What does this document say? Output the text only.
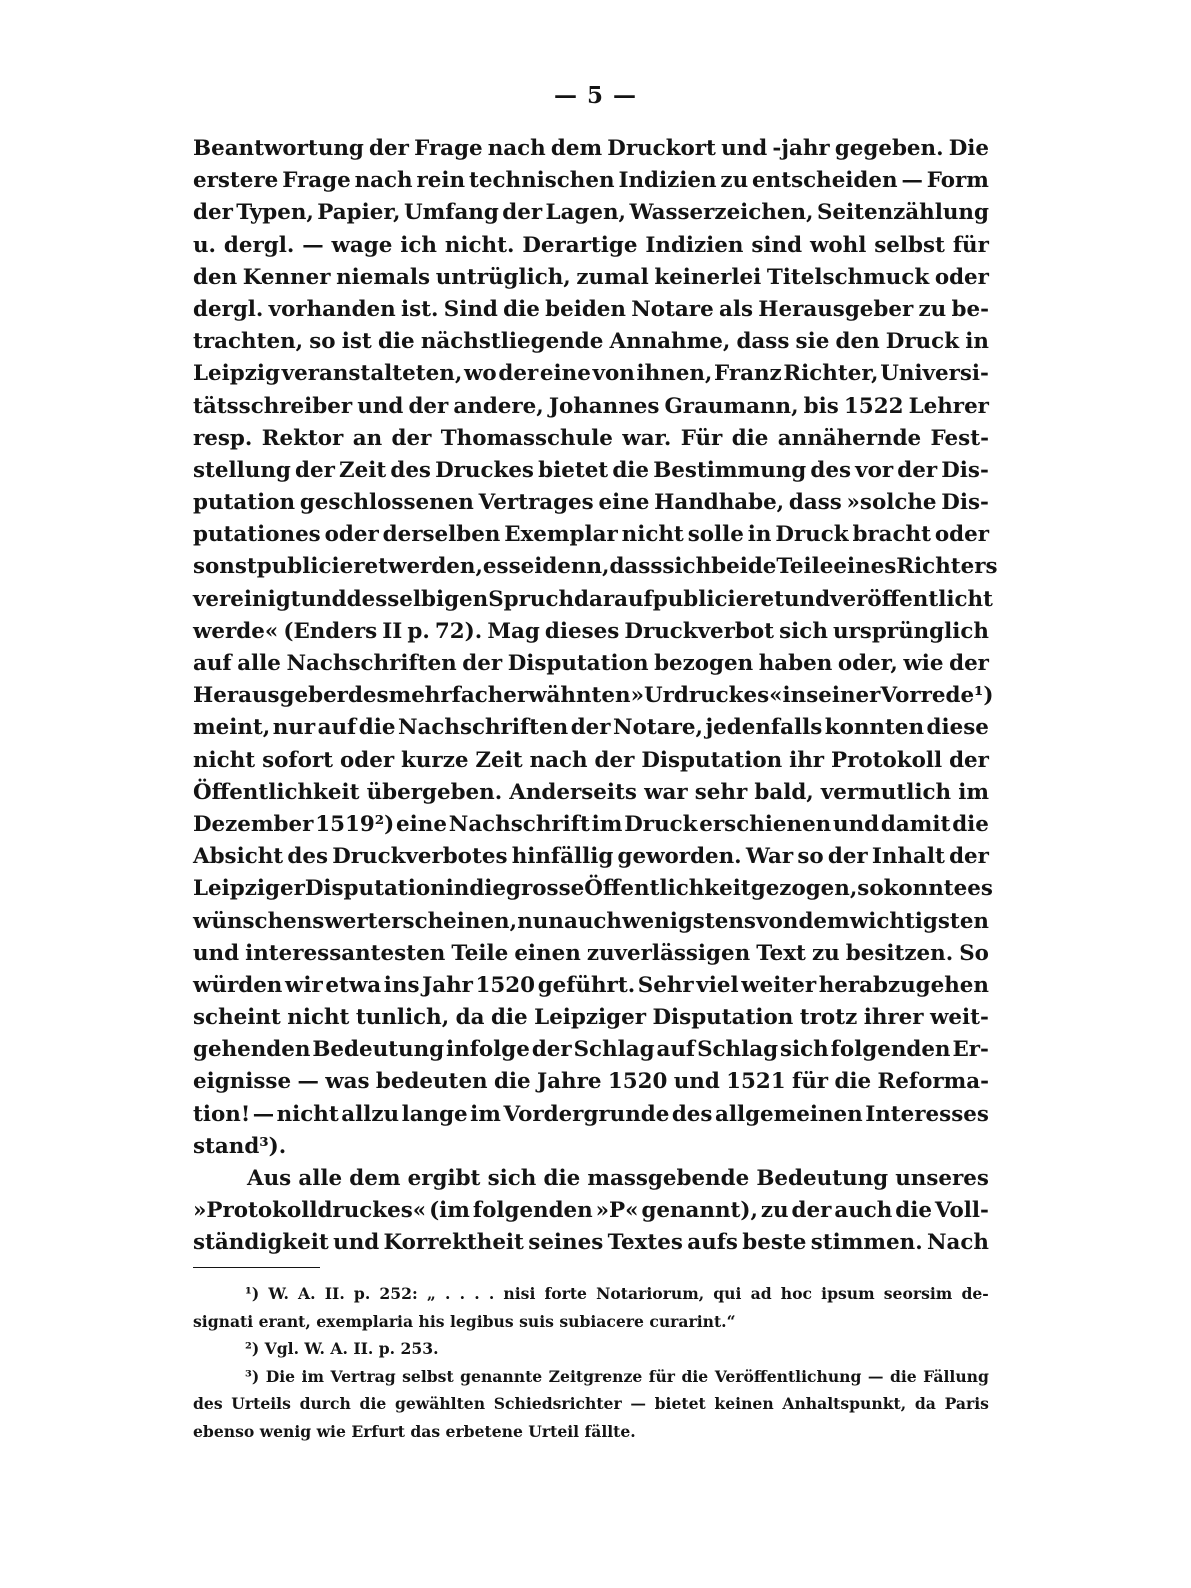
— 5 —
Beantwortung der Frage nach dem Druckort und -jahr gegeben. Die
erstere Frage nach rein technischen Indizien zu entscheiden — Form
der Typen, Papier, Umfang der Lagen, Wasserzeichen, Seitenzählung
u. dergl. — wage ich nicht. Derartige Indizien sind wohl selbst für
den Kenner niemals untrüglich, zumal keinerlei Titelschmuck oder
dergl. vorhanden ist. Sind die beiden Notare als Herausgeber zu be-
trachten, so ist die nächstliegende Annahme, dass sie den Druck in
Leipzig veranstalteten, wo der eine von ihnen, Franz Richter, Universi-
tätsschreiber und der andere, Johannes Graumann, bis 1522 Lehrer
resp. Rektor an der Thomasschule war. Für die annähernde Fest-
stellung der Zeit des Druckes bietet die Bestimmung des vor der Dis-
putation geschlossenen Vertrages eine Handhabe, dass »solche Dis-
putationes oder derselben Exemplar nicht solle in Druck bracht oder
sonst publicieret werden, es sei denn, dass sich beide Teile eines Richters
vereinigt und desselbigen Spruch darauf publicieret und veröffentlicht
werde« (Enders II p. 72). Mag dieses Druckverbot sich ursprünglich
auf alle Nachschriften der Disputation bezogen haben oder, wie der
Herausgeber des mehrfach erwähnten »Urdruckes« in seiner Vorrede¹)
meint, nur auf die Nachschriften der Notare, jedenfalls konnten diese
nicht sofort oder kurze Zeit nach der Disputation ihr Protokoll der
Öffentlichkeit übergeben. Anderseits war sehr bald, vermutlich im
Dezember 1519²) eine Nachschrift im Druck erschienen und damit die
Absicht des Druckverbotes hinfällig geworden. War so der Inhalt der
Leipziger Disputation in die grosse Öffentlichkeit gezogen, so konnte es
wünschenswert erscheinen, nun auch wenigstens von dem wichtigsten
und interessantesten Teile einen zuverlässigen Text zu besitzen. So
würden wir etwa ins Jahr 1520 geführt. Sehr viel weiter herabzugehen
scheint nicht tunlich, da die Leipziger Disputation trotz ihrer weit-
gehenden Bedeutung infolge der Schlag auf Schlag sich folgenden Er-
eignisse — was bedeuten die Jahre 1520 und 1521 für die Reforma-
tion! — nicht allzu lange im Vordergrunde des allgemeinen Interesses
stand³).
Aus alle dem ergibt sich die massgebende Bedeutung unseres
»Protokolldruckes« (im folgenden »P« genannt), zu der auch die Voll-
ständigkeit und Korrektheit seines Textes aufs beste stimmen. Nach
¹) W. A. II. p. 252: „ . . . . nisi forte Notariorum, qui ad hoc ipsum seorsim de-
signati erant, exemplaria his legibus suis subiacere curarint.“
²) Vgl. W. A. II. p. 253.
³) Die im Vertrag selbst genannte Zeitgrenze für die Veröffentlichung — die Fällung
des Urteils durch die gewählten Schiedsrichter — bietet keinen Anhaltspunkt, da Paris
ebenso wenig wie Erfurt das erbetene Urteil fällte.
